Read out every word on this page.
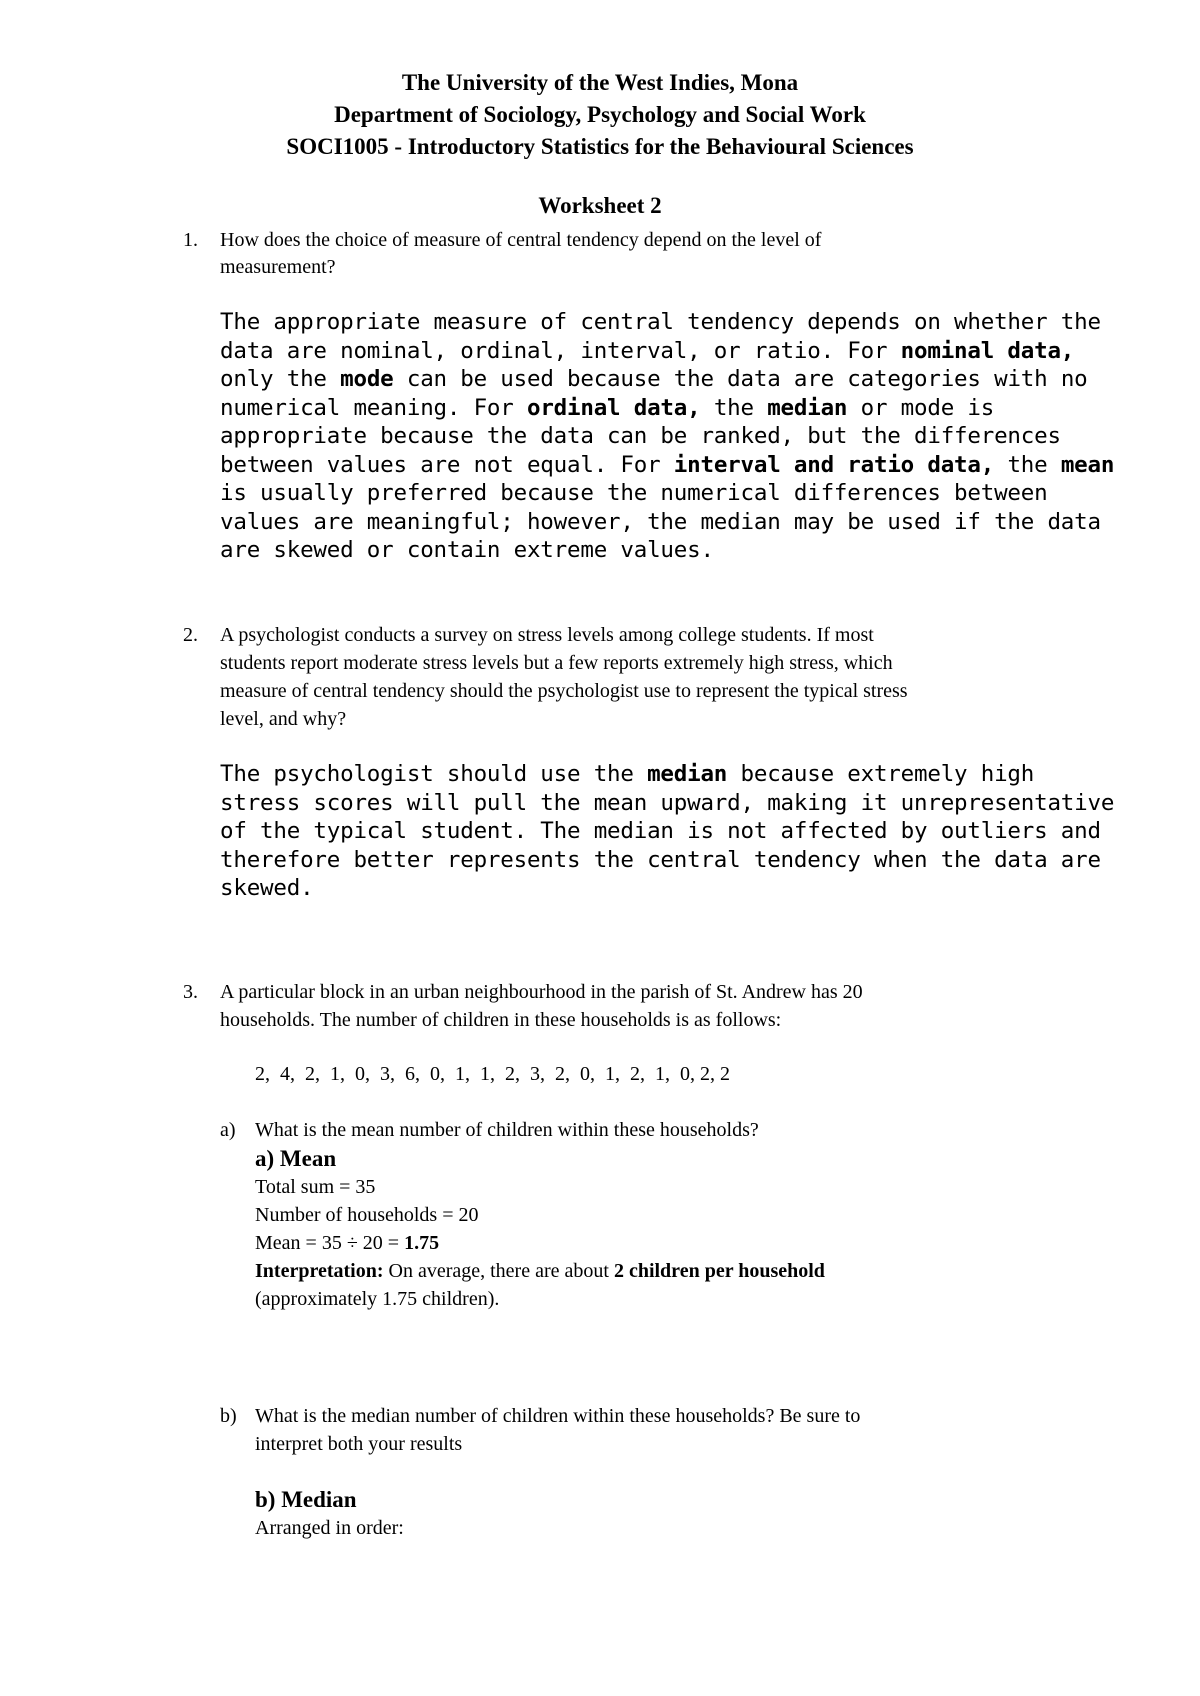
The University of the West Indies, Mona
Department of Sociology, Psychology and Social Work
SOCI1005 - Introductory Statistics for the Behavioural Sciences
Worksheet 2
1. How does the choice of measure of central tendency depend on the level of
measurement?

The appropriate measure of central tendency depends on whether the data are nominal, ordinal, interval, or ratio. For nominal data, only the mode can be used because the data are categories with no numerical meaning. For ordinal data, the median or mode is appropriate because the data can be ranked, but the differences between values are not equal. For interval and ratio data, the mean is usually preferred because the numerical differences between values are meaningful; however, the median may be used if the data are skewed or contain extreme values.

2. A psychologist conducts a survey on stress levels among college students. If most
students report moderate stress levels but a few reports extremely high stress, which
measure of central tendency should the psychologist use to represent the typical stress
level, and why?

The psychologist should use the median because extremely high stress scores will pull the mean upward, making it unrepresentative of the typical student. The median is not affected by outliers and therefore better represents the central tendency when the data are skewed.

3. A particular block in an urban neighbourhood in the parish of St. Andrew has 20
households. The number of children in these households is as follows:
2,  4,  2,  1,  0,  3,  6,  0,  1,  1,  2,  3,  2,  0,  1,  2,  1,  0, 2, 2
a) What is the mean number of children within these households?
a) Mean
Total sum = 35
Number of households = 20
Mean = 35 ÷ 20 = 1.75
Interpretation: On average, there are about 2 children per household
(approximately 1.75 children).
b) What is the median number of children within these households? Be sure to
interpret both your results
b) Median
Arranged in order:
